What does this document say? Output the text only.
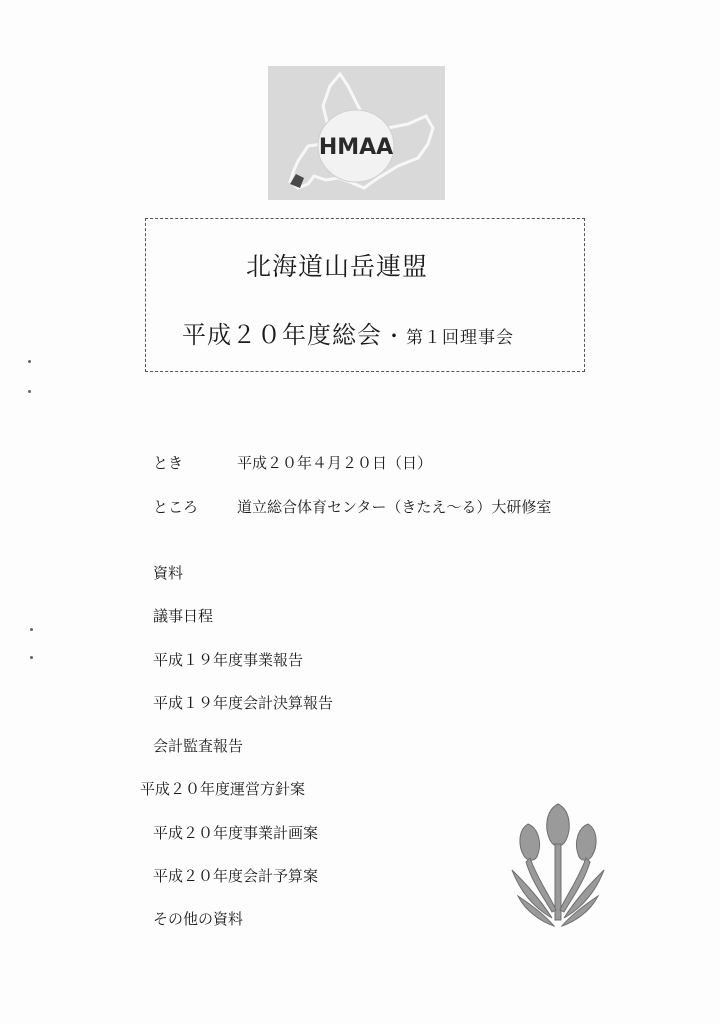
HMAA
北海道山岳連盟
平成２０年度総会 ・ 第１回理事会
とき	平成２０年４月２０日（日）
ところ	道立総合体育センター（きたえ〜る）大研修室
資料
議事日程
平成１９年度事業報告
平成１９年度会計決算報告
会計監査報告
平成２０年度運営方針案
平成２０年度事業計画案
平成２０年度会計予算案
その他の資料
